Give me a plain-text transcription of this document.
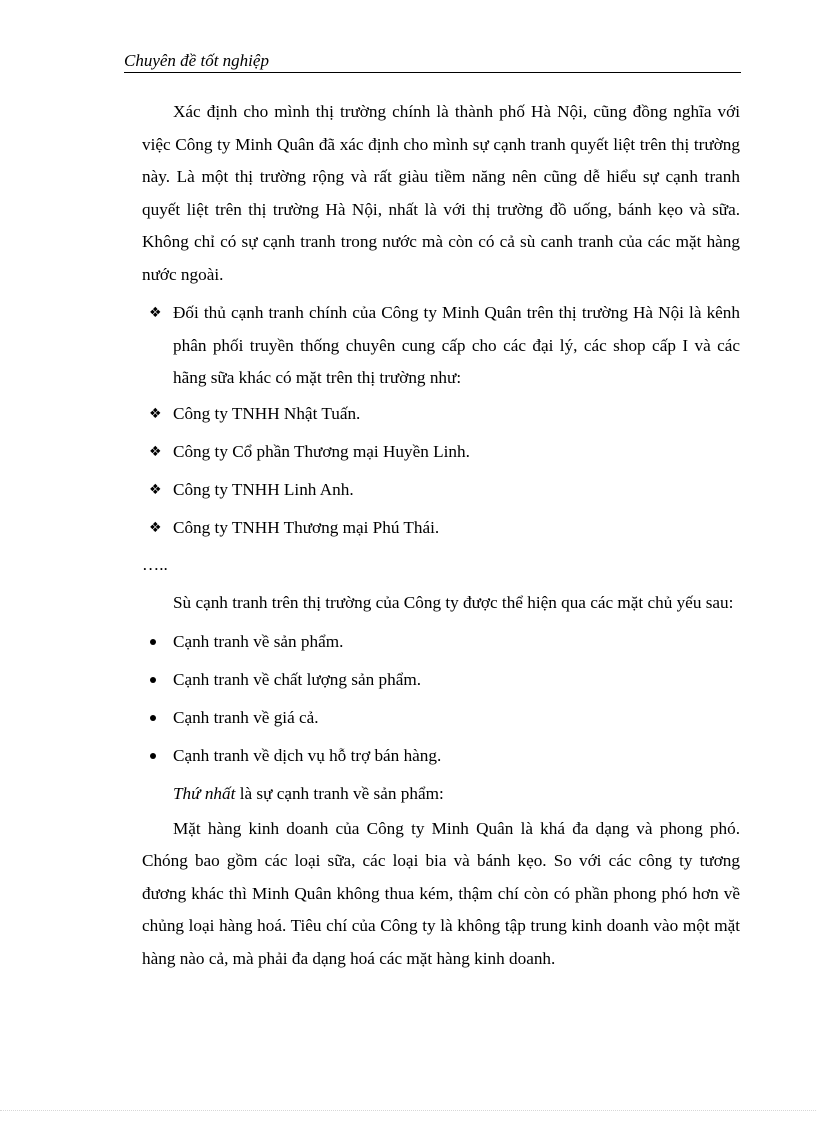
Chuyên đề tốt nghiệp

Xác định cho mình thị trường chính là thành phố Hà Nội, cũng đồng nghĩa với việc Công ty Minh Quân đã xác định cho mình sự cạnh tranh quyết liệt trên thị trường này. Là một thị trường rộng và rất giàu tiềm năng nên cũng dễ hiểu sự cạnh tranh quyết liệt trên thị trường Hà Nội, nhất là với thị trường đồ uống, bánh kẹo và sữa. Không chỉ có sự cạnh tranh trong nước mà còn có cả sù canh tranh của các mặt hàng nước ngoài.

❖ Đối thủ cạnh tranh chính của Công ty Minh Quân trên thị trường Hà Nội là kênh phân phối truyền thống chuyên cung cấp cho các đại lý, các shop cấp I và các hãng sữa khác có mặt trên thị trường như:
❖ Công ty TNHH Nhật Tuấn.
❖ Công ty Cổ phần Thương mại Huyền Linh.
❖ Công ty TNHH Linh Anh.
❖ Công ty TNHH Thương mại Phú Thái.

…..

Sù cạnh tranh trên thị trường của Công ty được thể hiện qua các mặt chủ yếu sau:

Cạnh tranh về sản phẩm.
Cạnh tranh về chất lượng sản phẩm.
Cạnh tranh về giá cả.
Cạnh tranh về dịch vụ hỗ trợ bán hàng.

Thứ nhất là sự cạnh tranh về sản phẩm:

Mặt hàng kinh doanh của Công ty Minh Quân là khá đa dạng và phong phó. Chóng bao gồm các loại sữa, các loại bia và bánh kẹo. So với các công ty tương đương khác thì Minh Quân không thua kém, thậm chí còn có phần phong phó hơn về chủng loại hàng hoá. Tiêu chí của Công ty là không tập trung kinh doanh vào một mặt hàng nào cả, mà phải đa dạng hoá các mặt hàng kinh doanh.
